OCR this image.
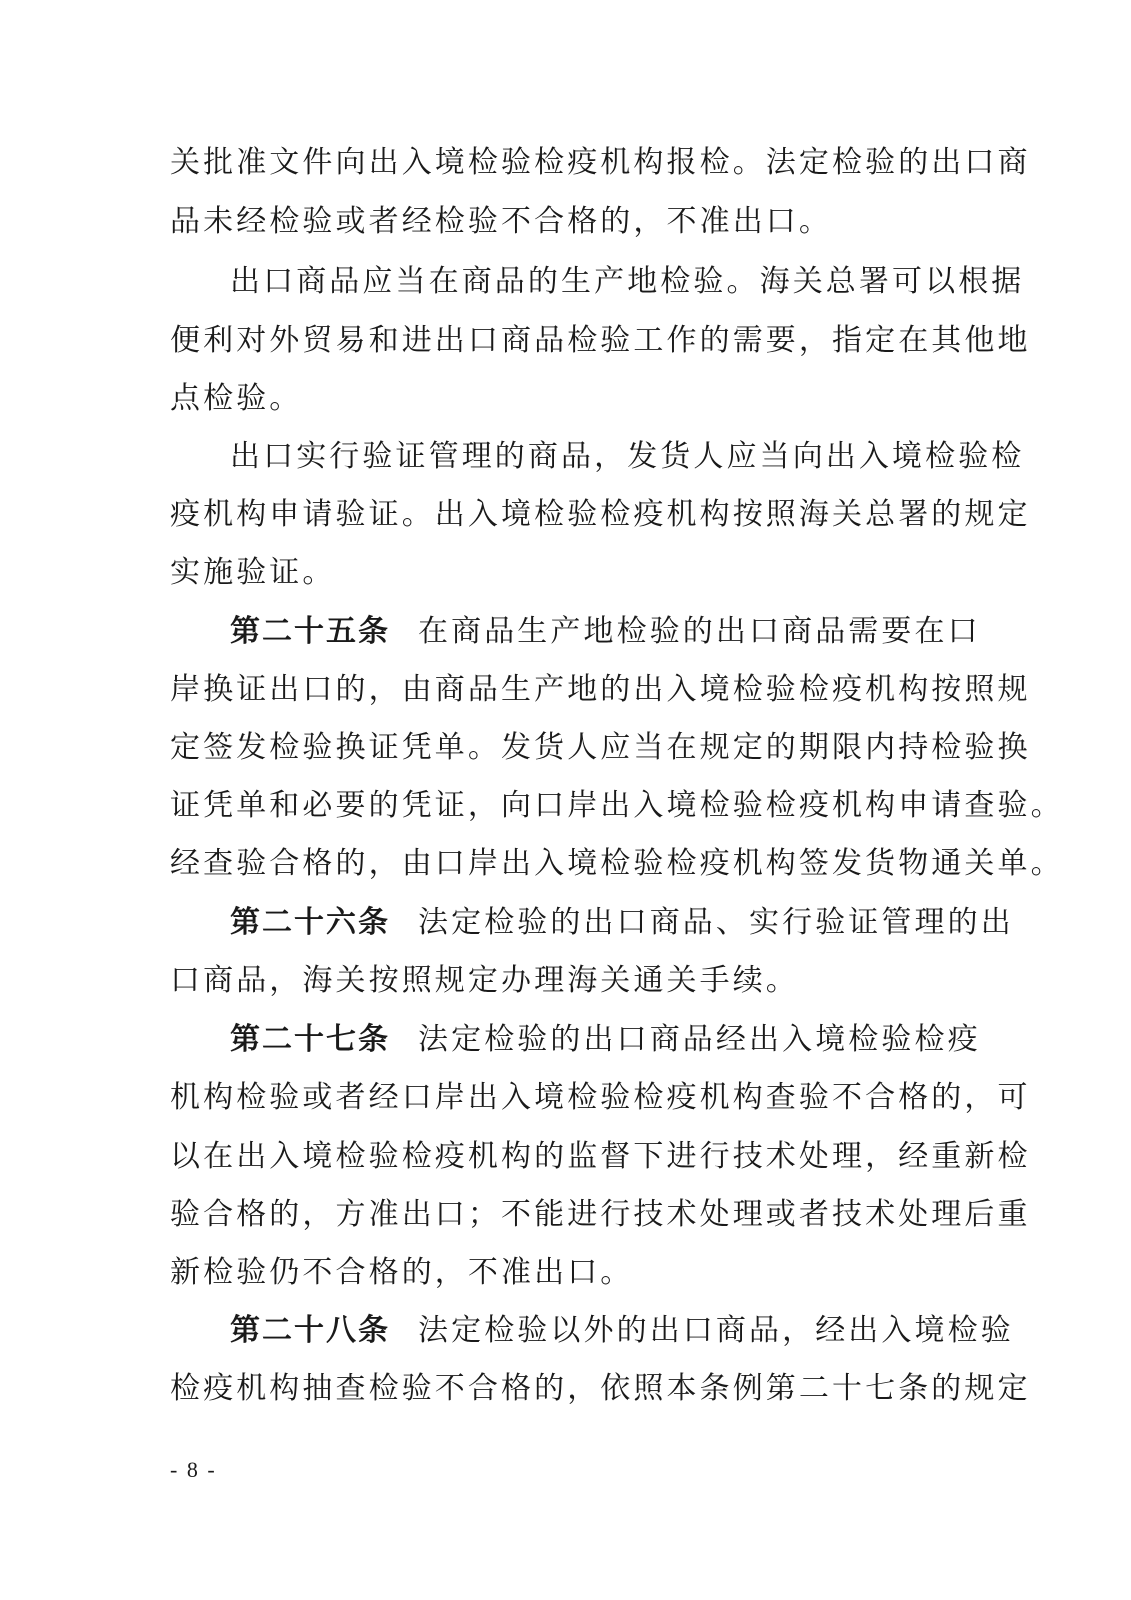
关批准文件向出入境检验检疫机构报检。法定检验的出口商
品未经检验或者经检验不合格的，不准出口。
出口商品应当在商品的生产地检验。海关总署可以根据
便利对外贸易和进出口商品检验工作的需要，指定在其他地
点检验。
出口实行验证管理的商品，发货人应当向出入境检验检
疫机构申请验证。出入境检验检疫机构按照海关总署的规定
实施验证。
第二十五条 在商品生产地检验的出口商品需要在口
岸换证出口的，由商品生产地的出入境检验检疫机构按照规
定签发检验换证凭单。发货人应当在规定的期限内持检验换
证凭单和必要的凭证，向口岸出入境检验检疫机构申请查验。
经查验合格的，由口岸出入境检验检疫机构签发货物通关单。
第二十六条 法定检验的出口商品、实行验证管理的出
口商品，海关按照规定办理海关通关手续。
第二十七条 法定检验的出口商品经出入境检验检疫
机构检验或者经口岸出入境检验检疫机构查验不合格的，可
以在出入境检验检疫机构的监督下进行技术处理，经重新检
验合格的，方准出口；不能进行技术处理或者技术处理后重
新检验仍不合格的，不准出口。
第二十八条 法定检验以外的出口商品，经出入境检验
检疫机构抽查检验不合格的，依照本条例第二十七条的规定
- 8 -
